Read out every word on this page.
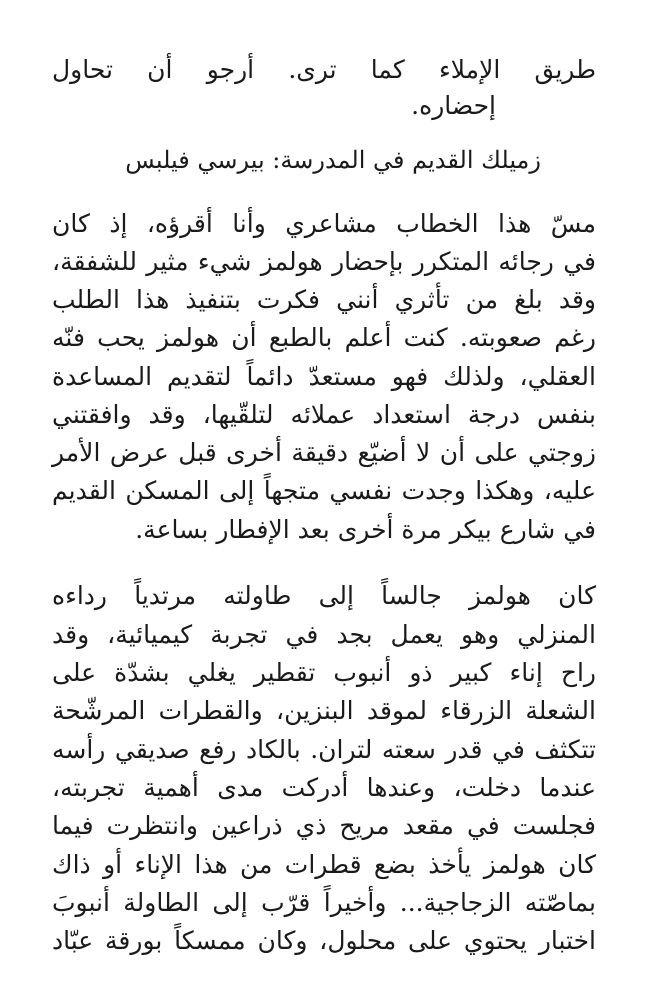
طريق الإملاء كما ترى. أرجو أن تحاول
إحضاره.
زميلك القديم في المدرسة: بيرسي فيلبس
مسّ هذا الخطاب مشاعري وأنا أقرؤه، إذ كان
في رجائه المتكرر بإحضار هولمز شيء مثير للشفقة،
وقد بلغ من تأثري أنني فكرت بتنفيذ هذا الطلب
رغم صعوبته. كنت أعلم بالطبع أن هولمز يحب فنّه
العقلي، ولذلك فهو مستعدّ دائماً لتقديم المساعدة
بنفس درجة استعداد عملائه لتلقّيها، وقد وافقتني
زوجتي على أن لا أضيّع دقيقة أخرى قبل عرض الأمر
عليه، وهكذا وجدت نفسي متجهاً إلى المسكن القديم
في شارع بيكر مرة أخرى بعد الإفطار بساعة.
كان هولمز جالساً إلى طاولته مرتدياً رداءه
المنزلي وهو يعمل بجد في تجربة كيميائية، وقد
راح إناء كبير ذو أنبوب تقطير يغلي بشدّة على
الشعلة الزرقاء لموقد البنزين، والقطرات المرشّحة
تتكثف في قدر سعته لتران. بالكاد رفع صديقي رأسه
عندما دخلت، وعندها أدركت مدى أهمية تجربته،
فجلست في مقعد مريح ذي ذراعين وانتظرت فيما
كان هولمز يأخذ بضع قطرات من هذا الإناء أو ذاك
بماصّته الزجاجية... وأخيراً قرّب إلى الطاولة أنبوبَ
اختبار يحتوي على محلول، وكان ممسكاً بورقة عبّاد
